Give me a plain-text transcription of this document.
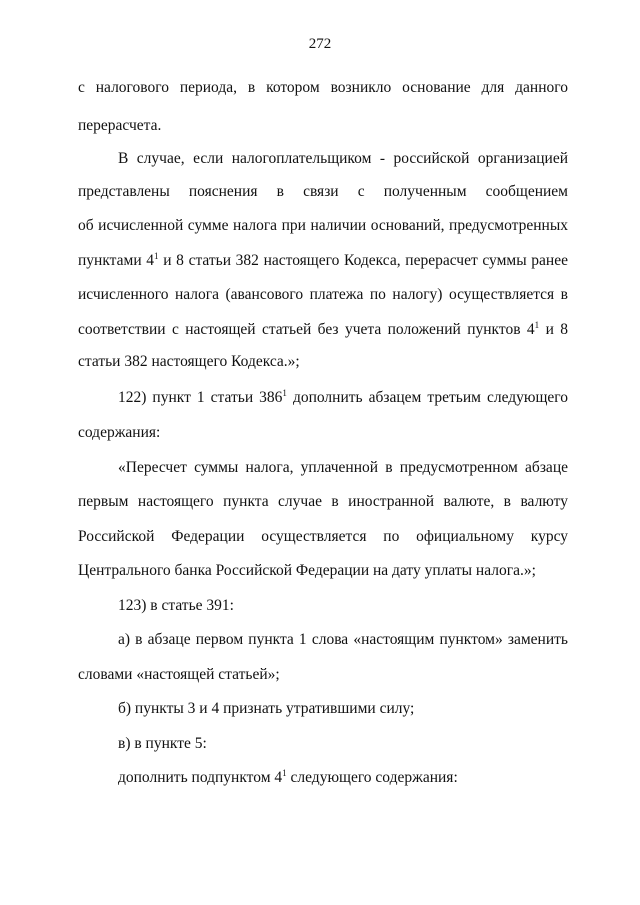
272
с налогового периода, в котором возникло основание для данного
перерасчета.
В случае, если налогоплательщиком - российской организацией
представлены пояснения в связи с полученным сообщением
об исчисленной сумме налога при наличии оснований, предусмотренных
пунктами $4^1$ и 8 статьи 382 настоящего Кодекса, перерасчет суммы ранее
исчисленного налога (авансового платежа по налогу) осуществляется в
соответствии с настоящей статьей без учета положений пунктов $4^1$ и 8
статьи 382 настоящего Кодекса.»;
122) пункт 1 статьи $386^1$ дополнить абзацем третьим следующего
содержания:
«Пересчет суммы налога, уплаченной в предусмотренном абзаце
первым настоящего пункта случае в иностранной валюте, в валюту
Российской Федерации осуществляется по официальному курсу
Центрального банка Российской Федерации на дату уплаты налога.»;
123) в статье 391:
а) в абзаце первом пункта 1 слова «настоящим пунктом» заменить
словами «настоящей статьей»;
б) пункты 3 и 4 признать утратившими силу;
в) в пункте 5:
дополнить подпунктом $4^1$ следующего содержания:
